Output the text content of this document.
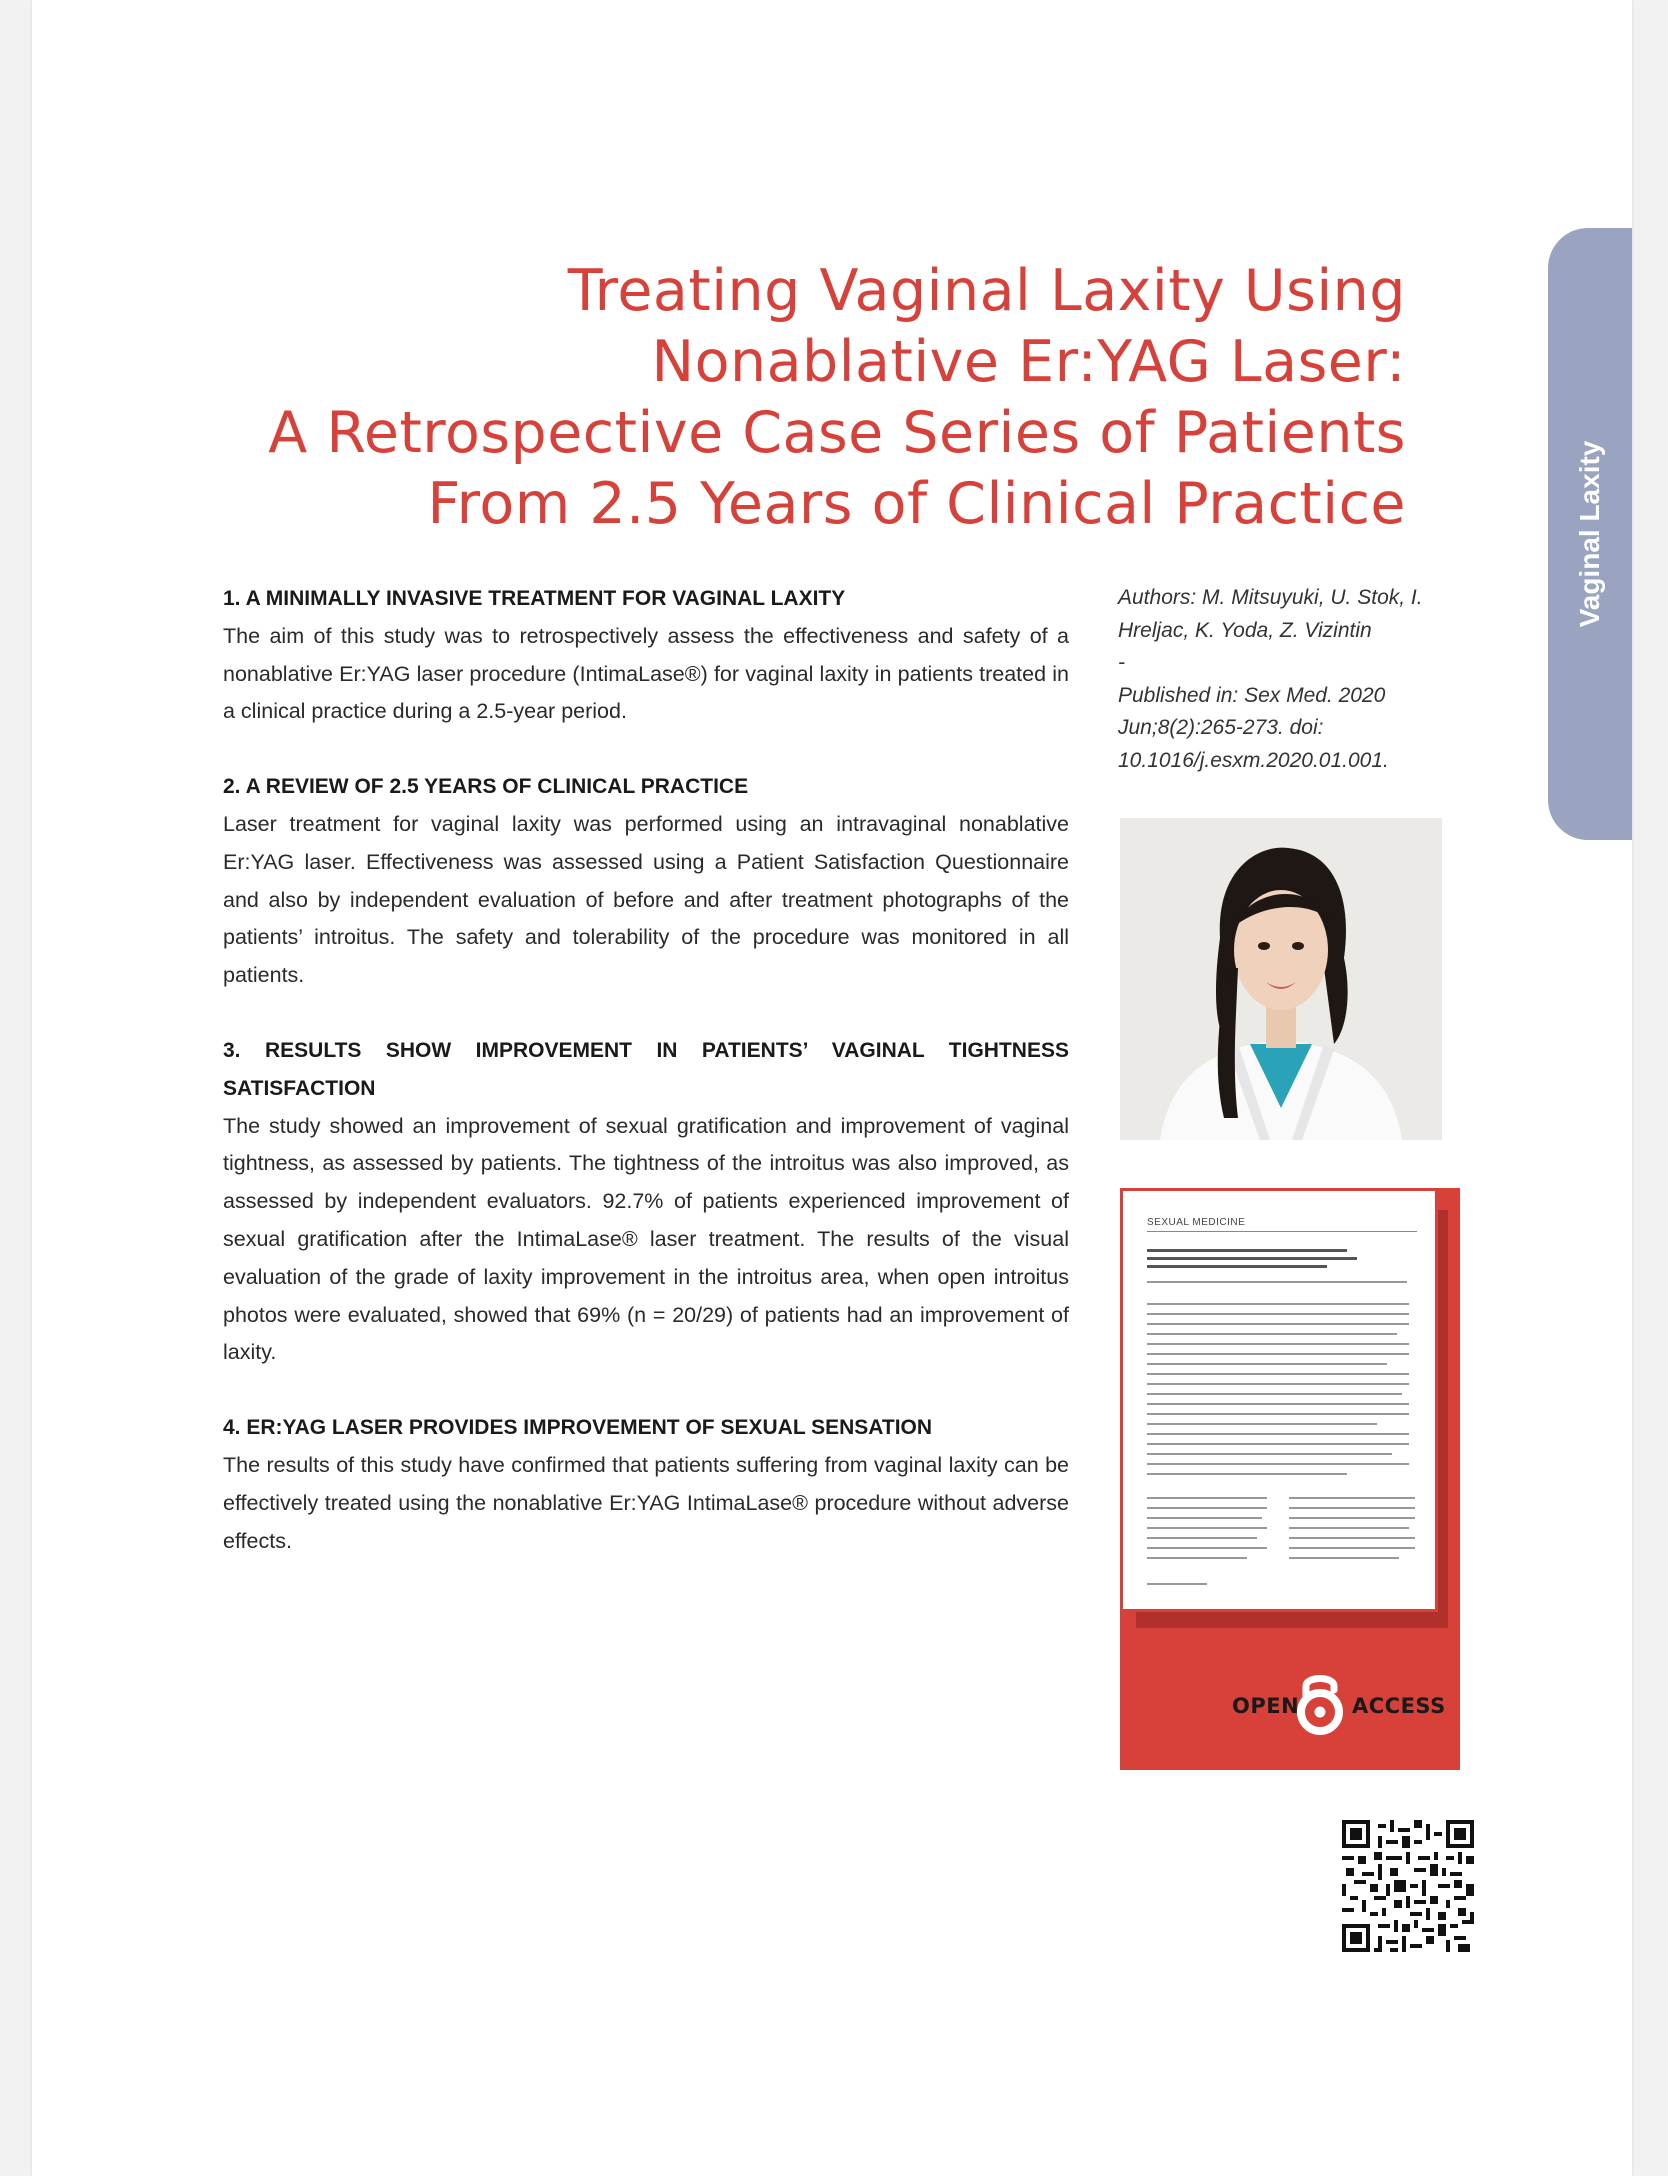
Treating Vaginal Laxity Using
Nonablative Er:YAG Laser:
A Retrospective Case Series of Patients
From 2.5 Years of Clinical Practice	Vaginal Laxity
1. A MINIMALLY INVASIVE TREATMENT FOR VAGINAL LAXITY

The aim of this study was to retrospectively assess the effectiveness and safety of a nonablative Er:YAG laser procedure (IntimaLase®) for vaginal laxity in patients treated in a clinical practice during a 2.5-year period.

2. A REVIEW OF 2.5 YEARS OF CLINICAL PRACTICE

Laser treatment for vaginal laxity was performed using an intravaginal nonablative Er:YAG laser. Effectiveness was assessed using a Patient Satisfaction Questionnaire and also by independent evaluation of before and after treatment photographs of the patients’ introitus. The safety and tolerability of the procedure was monitored in all patients.

3. RESULTS SHOW IMPROVEMENT IN PATIENTS’ VAGINAL TIGHTNESS SATISFACTION

The study showed an improvement of sexual gratification and improvement of vaginal tightness, as assessed by patients. The tightness of the introitus was also improved, as assessed by independent evaluators. 92.7% of patients experienced improvement of sexual gratification after the IntimaLase® laser treatment. The results of the visual evaluation of the grade of laxity improvement in the introitus area, when open introitus photos were evaluated, showed that 69% (n = 20/29) of patients had an improvement of laxity.

4. ER:YAG LASER PROVIDES IMPROVEMENT OF SEXUAL SENSATION

The results of this study have confirmed that patients suffering from vaginal laxity can be effectively treated using the nonablative Er:YAG IntimaLase® procedure without adverse effects.

Authors: M. Mitsuyuki, U. Stok, I. Hreljac, K. Yoda, Z. Vizintin

-

Published in: Sex Med. 2020 Jun;8(2):265-273. doi: 10.1016/j.esxm.2020.01.001.

SEXUAL MEDICINE
OPEN	ACCESS
